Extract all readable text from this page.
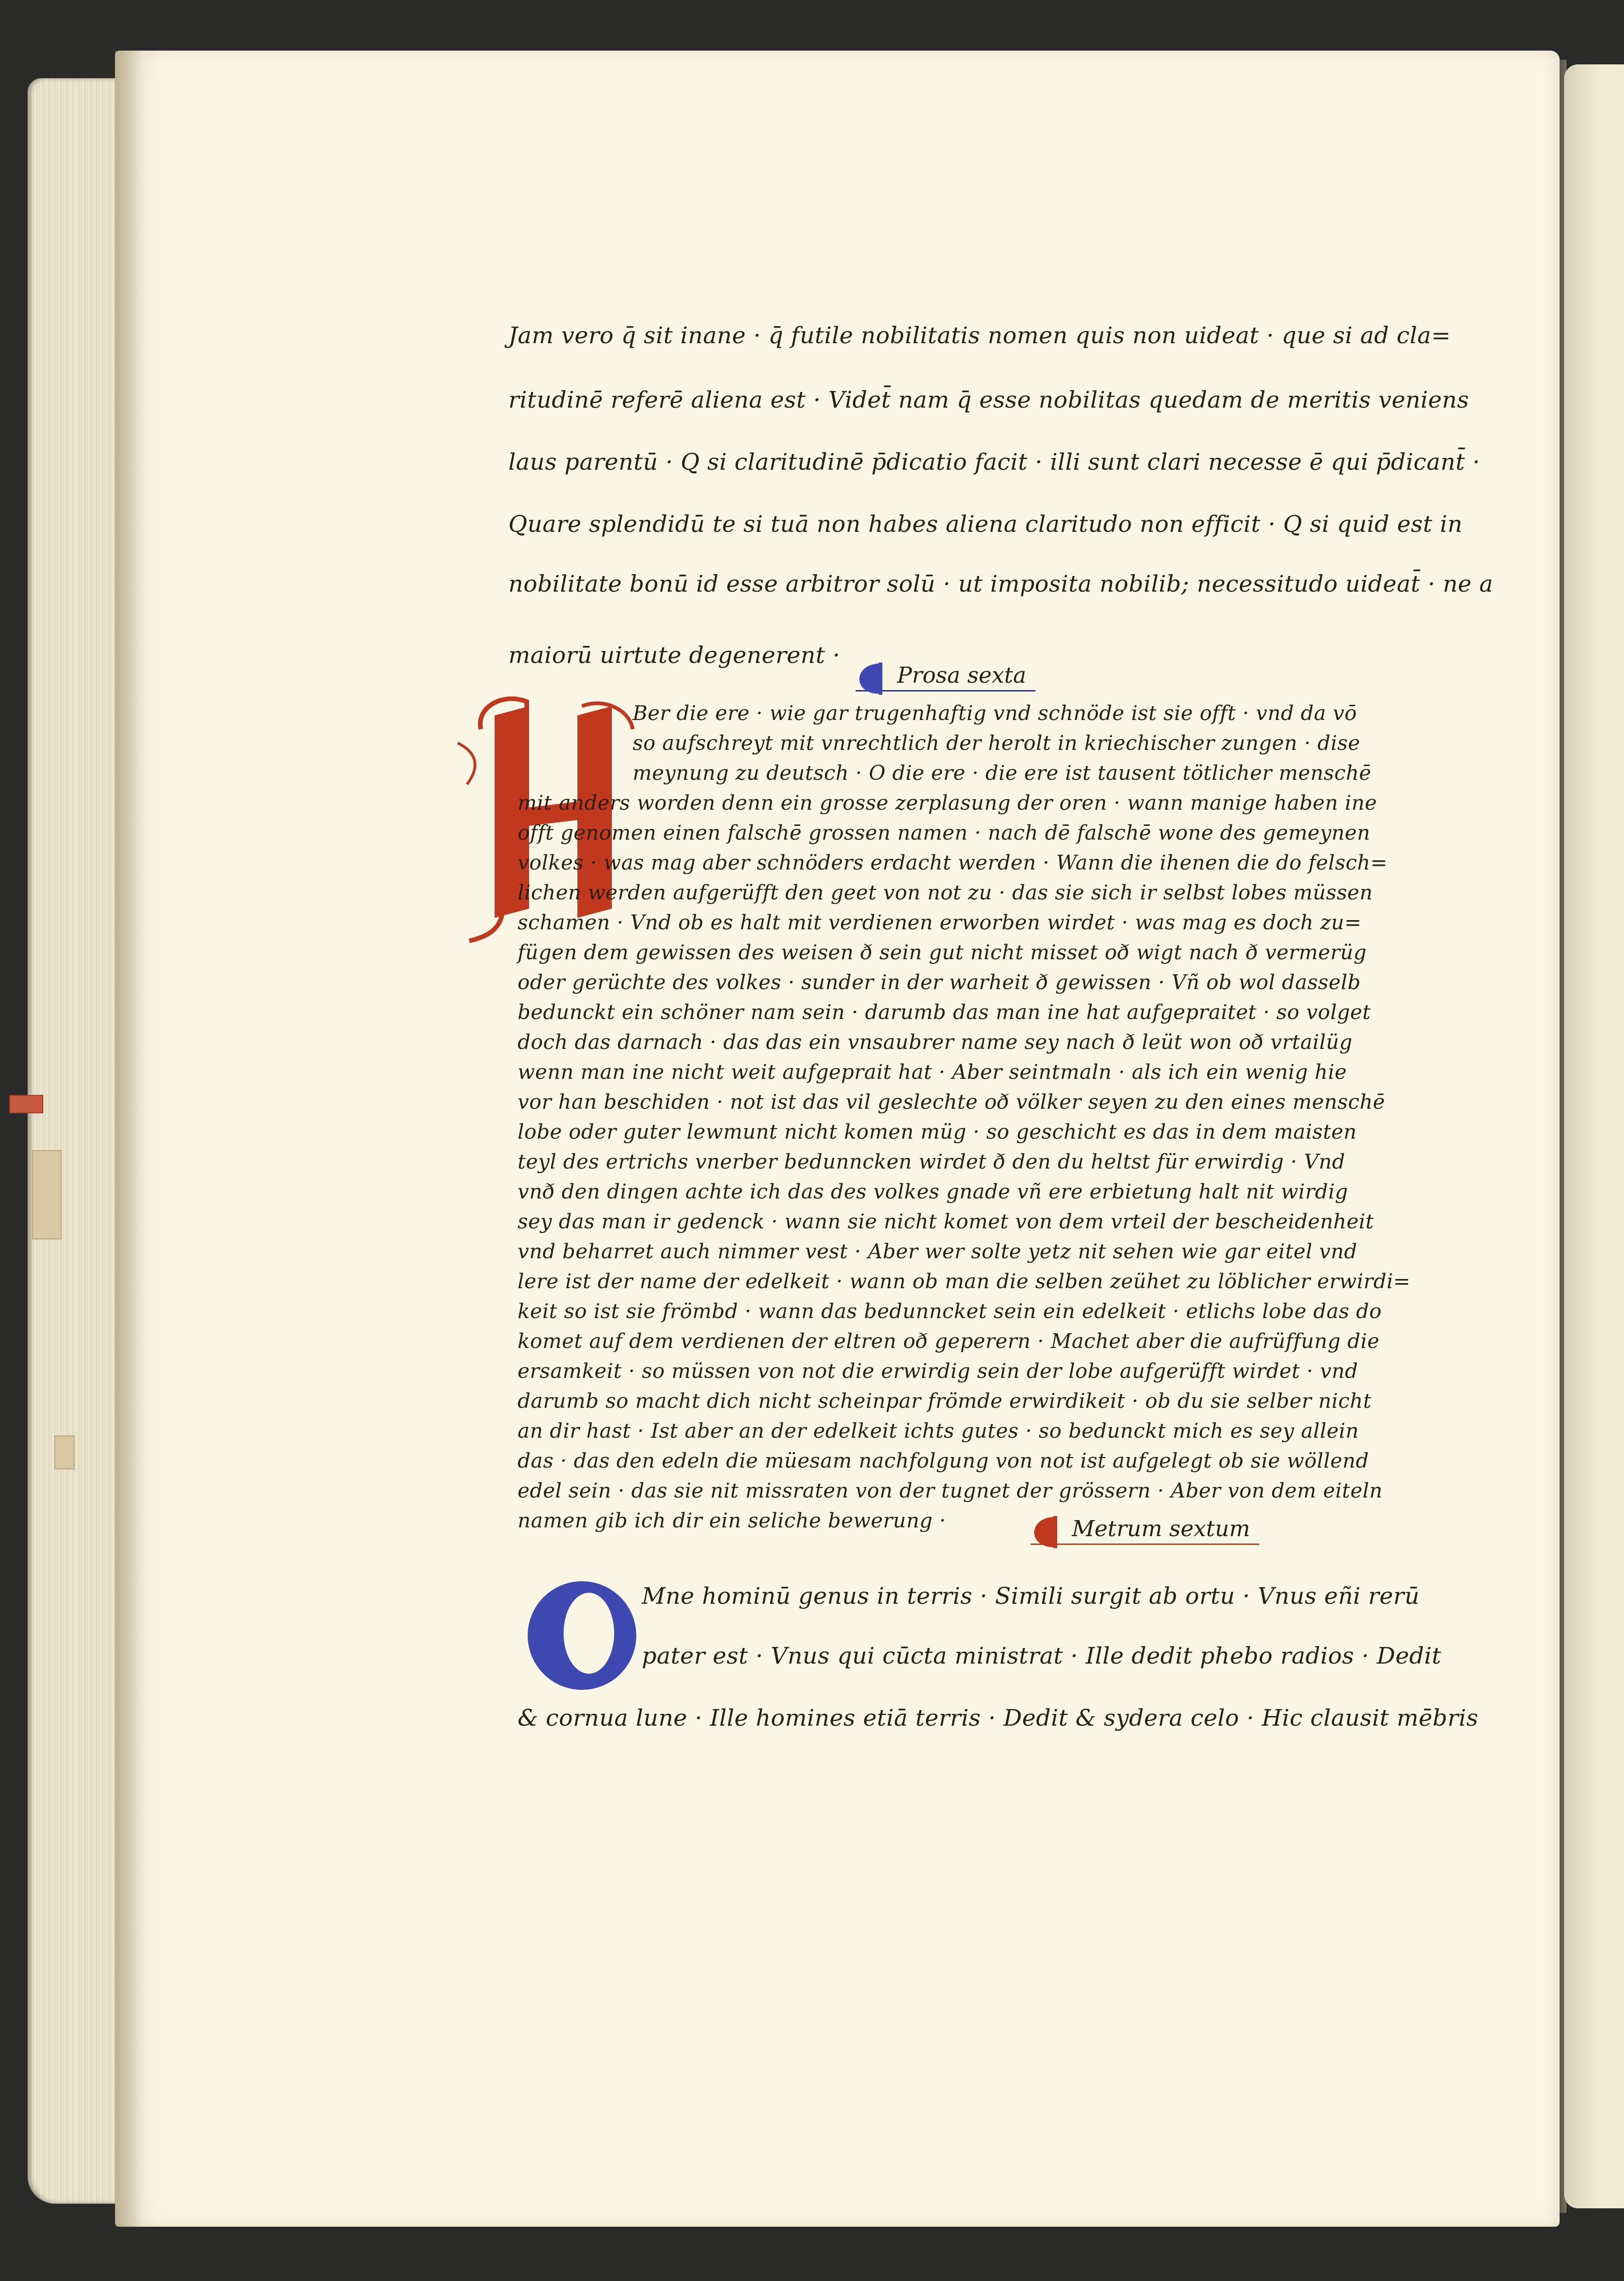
Jam vero q̄ sit inane · q̄ futile nobilitatis nomen quis non uideat · que si ad cla=

ritudinē referē aliena est · Videt̄ nam q̄ esse nobilitas quedam de meritis veniens

laus parentū · Q si claritudinē p̄dicatio facit · illi sunt clari necesse ē qui p̄dicant̄ ·

Quare splendidū te si tuā non habes aliena claritudo non efficit · Q si quid est in

nobilitate bonū id esse arbitror solū · ut imposita nobilib; necessitudo uideat̄ · ne a

maiorū uirtute degenerent ·

Prosa sexta

Ber die ere · wie gar trugenhaftig vnd schnöde ist sie offt · vnd da vō

so aufschreyt mit vnrechtlich der herolt in kriechischer zungen · dise

meynung zu deutsch · O die ere · die ere ist tausent tötlicher menschē

mit anders worden denn ein grosse zerplasung der oren · wann manige haben ine

offt genomen einen falschē grossen namen · nach dē falschē wone des gemeynen

volkes · was mag aber schnöders erdacht werden · Wann die ihenen die do felsch=

lichen werden aufgerüfft den geet von not zu · das sie sich ir selbst lobes müssen

schamen · Vnd ob es halt mit verdienen erworben wirdet · was mag es doch zu=

fügen dem gewissen des weisen ð sein gut nicht misset oð wigt nach ð vermerüg

oder gerüchte des volkes · sunder in der warheit ð gewissen · Vñ ob wol dasselb

bedunckt ein schöner nam sein · darumb das man ine hat aufgepraitet · so volget

doch das darnach · das das ein vnsaubrer name sey nach ð leüt won oð vrtailüg

wenn man ine nicht weit aufgeprait hat · Aber seintmaln · als ich ein wenig hie

vor han beschiden · not ist das vil geslechte oð völker seyen zu den eines menschē

lobe oder guter lewmunt nicht komen müg · so geschicht es das in dem maisten

teyl des ertrichs vnerber bedunncken wirdet ð den du heltst für erwirdig · Vnd

vnð den dingen achte ich das des volkes gnade vñ ere erbietung halt nit wirdig

sey das man ir gedenck · wann sie nicht komet von dem vrteil der bescheidenheit

vnd beharret auch nimmer vest · Aber wer solte yetz nit sehen wie gar eitel vnd

lere ist der name der edelkeit · wann ob man die selben zeühet zu löblicher erwirdi=

keit so ist sie frömbd · wann das bedunncket sein ein edelkeit · etlichs lobe das do

komet auf dem verdienen der eltren oð geperern · Machet aber die aufrüffung die

ersamkeit · so müssen von not die erwirdig sein der lobe aufgerüfft wirdet · vnd

darumb so macht dich nicht scheinpar frömde erwirdikeit · ob du sie selber nicht

an dir hast · Ist aber an der edelkeit ichts gutes · so bedunckt mich es sey allein

das · das den edeln die müesam nachfolgung von not ist aufgelegt ob sie wöllend

edel sein · das sie nit missraten von der tugnet der grössern · Aber von dem eiteln

namen gib ich dir ein seliche bewerung ·	Metrum sextum

Mne hominū genus in terris · Simili surgit ab ortu · Vnus eñi rerū

pater est · Vnus qui cūcta ministrat · Ille dedit phebo radios · Dedit

& cornua lune · Ille homines etiā terris · Dedit & sydera celo · Hic clausit mēbris
